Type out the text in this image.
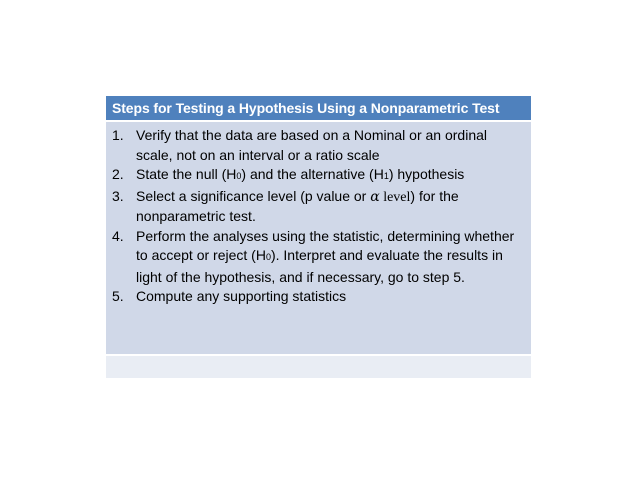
Steps for Testing a Hypothesis Using a Nonparametric Test
1. Verify that the data are based on a Nominal or an ordinal scale, not on an interval or a ratio scale
2. State the null (H0) and the alternative (H1) hypothesis
3. Select a significance level (p value or α level) for the nonparametric test.
4. Perform the analyses using the statistic, determining whether to accept or reject (H0). Interpret and evaluate the results in light of the hypothesis, and if necessary, go to step 5.
5. Compute any supporting statistics
